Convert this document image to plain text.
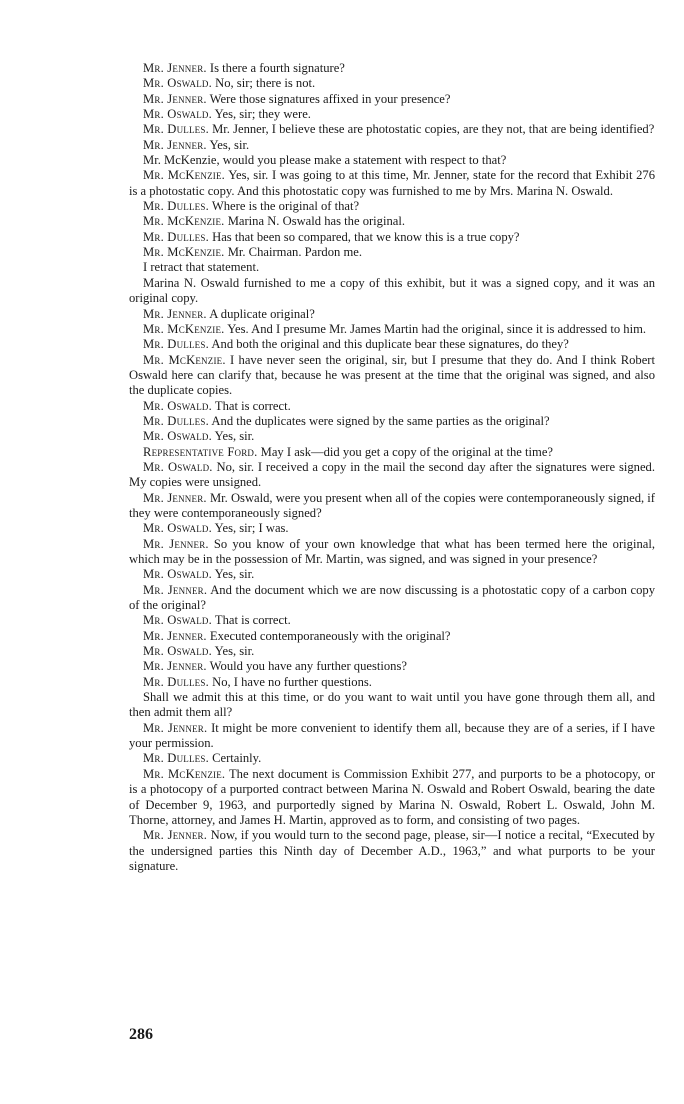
Mr. Jenner. Is there a fourth signature?

Mr. Oswald. No, sir; there is not.

Mr. Jenner. Were those signatures affixed in your presence?

Mr. Oswald. Yes, sir; they were.

Mr. Dulles. Mr. Jenner, I believe these are photostatic copies, are they not, that are being identified?

Mr. Jenner. Yes, sir.

Mr. McKenzie, would you please make a statement with respect to that?

Mr. McKenzie. Yes, sir. I was going to at this time, Mr. Jenner, state for the record that Exhibit 276 is a photostatic copy. And this photostatic copy was furnished to me by Mrs. Marina N. Oswald.

Mr. Dulles. Where is the original of that?

Mr. McKenzie. Marina N. Oswald has the original.

Mr. Dulles. Has that been so compared, that we know this is a true copy?

Mr. McKenzie. Mr. Chairman. Pardon me.

I retract that statement.

Marina N. Oswald furnished to me a copy of this exhibit, but it was a signed copy, and it was an original copy.

Mr. Jenner. A duplicate original?

Mr. McKenzie. Yes. And I presume Mr. James Martin had the original, since it is addressed to him.

Mr. Dulles. And both the original and this duplicate bear these signatures, do they?

Mr. McKenzie. I have never seen the original, sir, but I presume that they do. And I think Robert Oswald here can clarify that, because he was present at the time that the original was signed, and also the duplicate copies.

Mr. Oswald. That is correct.

Mr. Dulles. And the duplicates were signed by the same parties as the original?

Mr. Oswald. Yes, sir.

Representative Ford. May I ask—did you get a copy of the original at the time?

Mr. Oswald. No, sir. I received a copy in the mail the second day after the signatures were signed. My copies were unsigned.

Mr. Jenner. Mr. Oswald, were you present when all of the copies were contemporaneously signed, if they were contemporaneously signed?

Mr. Oswald. Yes, sir; I was.

Mr. Jenner. So you know of your own knowledge that what has been termed here the original, which may be in the possession of Mr. Martin, was signed, and was signed in your presence?

Mr. Oswald. Yes, sir.

Mr. Jenner. And the document which we are now discussing is a photostatic copy of a carbon copy of the original?

Mr. Oswald. That is correct.

Mr. Jenner. Executed contemporaneously with the original?

Mr. Oswald. Yes, sir.

Mr. Jenner. Would you have any further questions?

Mr. Dulles. No, I have no further questions.

Shall we admit this at this time, or do you want to wait until you have gone through them all, and then admit them all?

Mr. Jenner. It might be more convenient to identify them all, because they are of a series, if I have your permission.

Mr. Dulles. Certainly.

Mr. McKenzie. The next document is Commission Exhibit 277, and purports to be a photocopy, or is a photocopy of a purported contract between Marina N. Oswald and Robert Oswald, bearing the date of December 9, 1963, and purportedly signed by Marina N. Oswald, Robert L. Oswald, John M. Thorne, attorney, and James H. Martin, approved as to form, and consisting of two pages.

Mr. Jenner. Now, if you would turn to the second page, please, sir—I notice a recital, “Executed by the undersigned parties this Ninth day of December A.D., 1963,” and what purports to be your signature.

286
